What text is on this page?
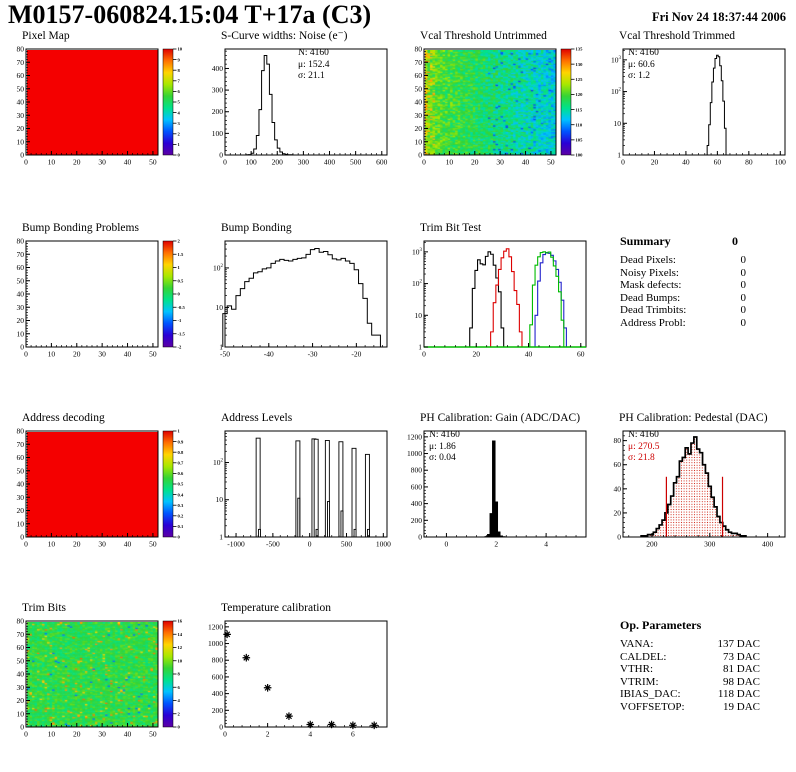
M0157-060824.15:04 T+17a (C3)	Fri Nov 24 18:37:44 2006
Pixel Map
0	10 20 30 40 50
0
10
20
30
40
50
60
70
80	10
9
8
7
6
5
4
3
2
1
0
S-Curve widths: Noise (e⁻)
N: 4160
μ: 152.4
σ: 21.1
0 100 200 300 400 500 600
0
100
200
300
400
Vcal Threshold Untrimmed
0	10 20 30 40 50
0
10
20
30
40
50
60
70
80	135
130
125
120
115
110
105
100
Vcal Threshold Trimmed
N: 4160
μ: 60.6
σ: 1.2
0	20	40	60	80	100
1
10
$10^2$
$10^3$
Bump Bonding Problems
0	10 20 30 40 50
0
10
20
30
40
50
60
70
80	2
1.5
1
0.5
0
-0.5
-1
-1.5
-2
Bump Bonding
-50	-40	-30	-20
1
10
$10^2$
Trim Bit Test
0	20	40	60
1
10
$10^2$
$10^3$
Summary	0
Dead Pixels:	0
Noisy Pixels:	0
Mask defects:	0
Dead Bumps:	0
Dead Trimbits:	0
Address Probl:	0
Address decoding
0	10 20 30 40 50
0
10
20
30
40
50
60
70
80	1
0.9
0.8
0.7
0.6
0.5
0.4
0.3
0.2
0.1
0
Address Levels
-1000	-500	0	500	1000
1
10
$10^2$
PH Calibration: Gain (ADC/DAC)
N: 4160
μ: 1.86
σ: 0.04
0	2	4
0
200
400
600
800
1000
1200
PH Calibration: Pedestal (DAC)
N: 4160
μ: 270.5
σ: 21.8
200	300	400
0
20
40
60
80
Trim Bits
0	10 20 30 40 50
0
10
20
30
40
50
60
70
80	16
14
12
10
8
6
4
2
0
Temperature calibration
0	2	4	6
0
200
400
600
800
1000
1200	Op. Parameters
VANA:	137 DAC
CALDEL:	73 DAC
VTHR:	81 DAC
VTRIM:	98 DAC
IBIAS_DAC:	118 DAC
VOFFSETOP:	19 DAC
